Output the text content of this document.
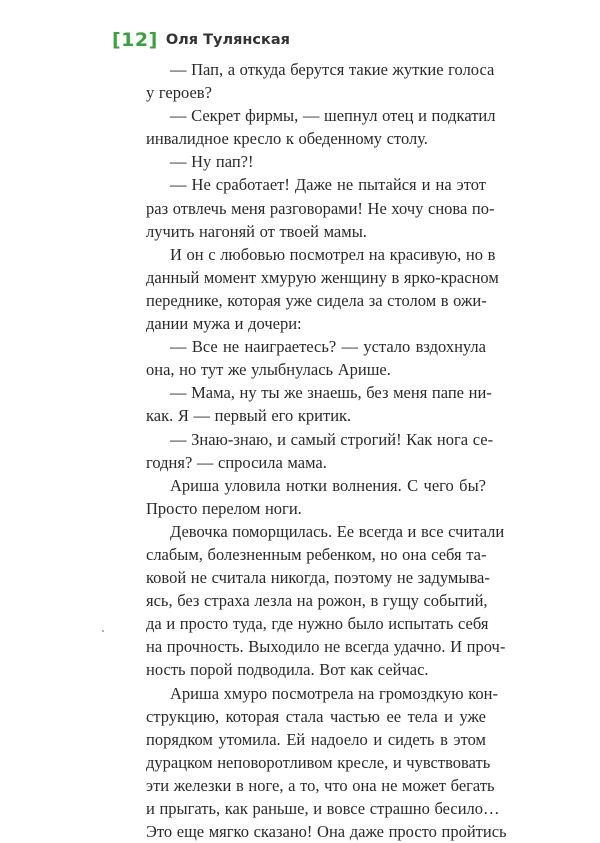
[12] Оля Тулянская
— Пап, а откуда берутся такие жуткие голоса
у героев?
— Секрет фирмы, — шепнул отец и подкатил
инвалидное кресло к обеденному столу.
— Ну пап?!
— Не сработает! Даже не пытайся и на этот
раз отвлечь меня разговорами! Не хочу снова по-
лучить нагоняй от твоей мамы.
И он с любовью посмотрел на красивую, но в
данный момент хмурую женщину в ярко-красном
переднике, которая уже сидела за столом в ожи-
дании мужа и дочери:
— Все не наиграетесь? — устало вздохнула
она, но тут же улыбнулась Арише.
— Мама, ну ты же знаешь, без меня папе ни-
как. Я — первый его критик.
— Знаю-знаю, и самый строгий! Как нога се-
годня? — спросила мама.
Ариша уловила нотки волнения. С чего бы?
Просто перелом ноги.
Девочка поморщилась. Ее всегда и все считали
слабым, болезненным ребенком, но она себя та-
ковой не считала никогда, поэтому не задумыва-
ясь, без страха лезла на рожон, в гущу событий,
да и просто туда, где нужно было испытать себя
на прочность. Выходило не всегда удачно. И проч-
ность порой подводила. Вот как сейчас.
Ариша хмуро посмотрела на громоздкую кон-
струкцию, которая стала частью ее тела и уже
порядком утомила. Ей надоело и сидеть в этом
дурацком неповоротливом кресле, и чувствовать
эти железки в ноге, а то, что она не может бегать
и прыгать, как раньше, и вовсе страшно бесило…
Это еще мягко сказано! Она даже просто пройтись
